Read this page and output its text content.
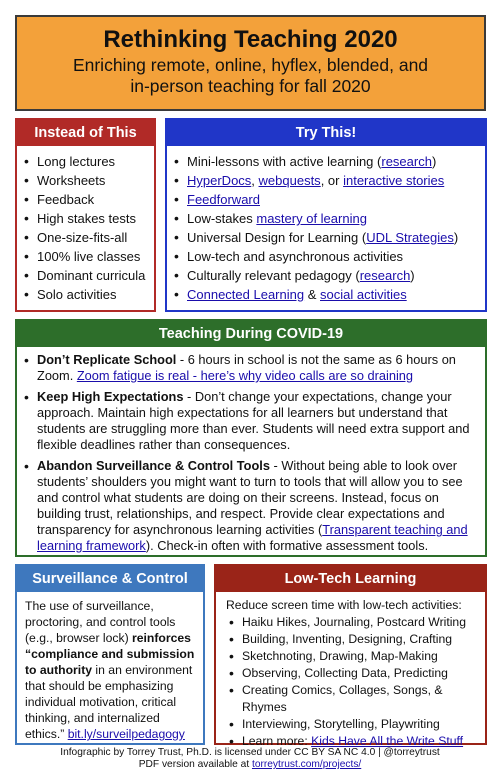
Rethinking Teaching 2020
Enriching remote, online, hyflex, blended, and
in-person teaching for fall 2020
Instead of This
• Long lectures
• Worksheets
• Feedback
• High stakes tests
• One-size-fits-all
• 100% live classes
• Dominant curricula
• Solo activities
Try This!
• Mini-lessons with active learning (research)
• HyperDocs, webquests, or interactive stories
• Feedforward
• Low-stakes mastery of learning
• Universal Design for Learning (UDL Strategies)
• Low-tech and asynchronous activities
• Culturally relevant pedagogy (research)
• Connected Learning & social activities
Teaching During COVID-19
• Don’t Replicate School - 6 hours in school is not the same as 6 hours on Zoom. Zoom fatigue is real - here’s why video calls are so draining
• Keep High Expectations - Don’t change your expectations, change your approach. Maintain high expectations for all learners but understand that students are struggling more than ever. Students will need extra support and flexible deadlines rather than consequences.
• Abandon Surveillance & Control Tools - Without being able to look over students’ shoulders you might want to turn to tools that will allow you to see and control what students are doing on their screens. Instead, focus on building trust, relationships, and respect. Provide clear expectations and transparency for asynchronous learning activities (Transparent teaching and learning framework). Check-in often with formative assessment tools.
Surveillance & Control
The use of surveillance, proctoring, and control tools (e.g., browser lock) reinforces “compliance and submission to authority in an environment that should be emphasizing individual motivation, critical thinking, and internalized ethics.” bit.ly/surveilpedagogy
Low-Tech Learning
Reduce screen time with low-tech activities:
• Haiku Hikes, Journaling, Postcard Writing
• Building, Inventing, Designing, Crafting
• Sketchnoting, Drawing, Map-Making
• Observing, Collecting Data, Predicting
• Creating Comics, Collages, Songs, & Rhymes
• Interviewing, Storytelling, Playwriting
• Learn more: Kids Have All the Write Stuff
Infographic by Torrey Trust, Ph.D. is licensed under CC BY SA NC 4.0 | @torreytrust
PDF version available at torreytrust.com/projects/
